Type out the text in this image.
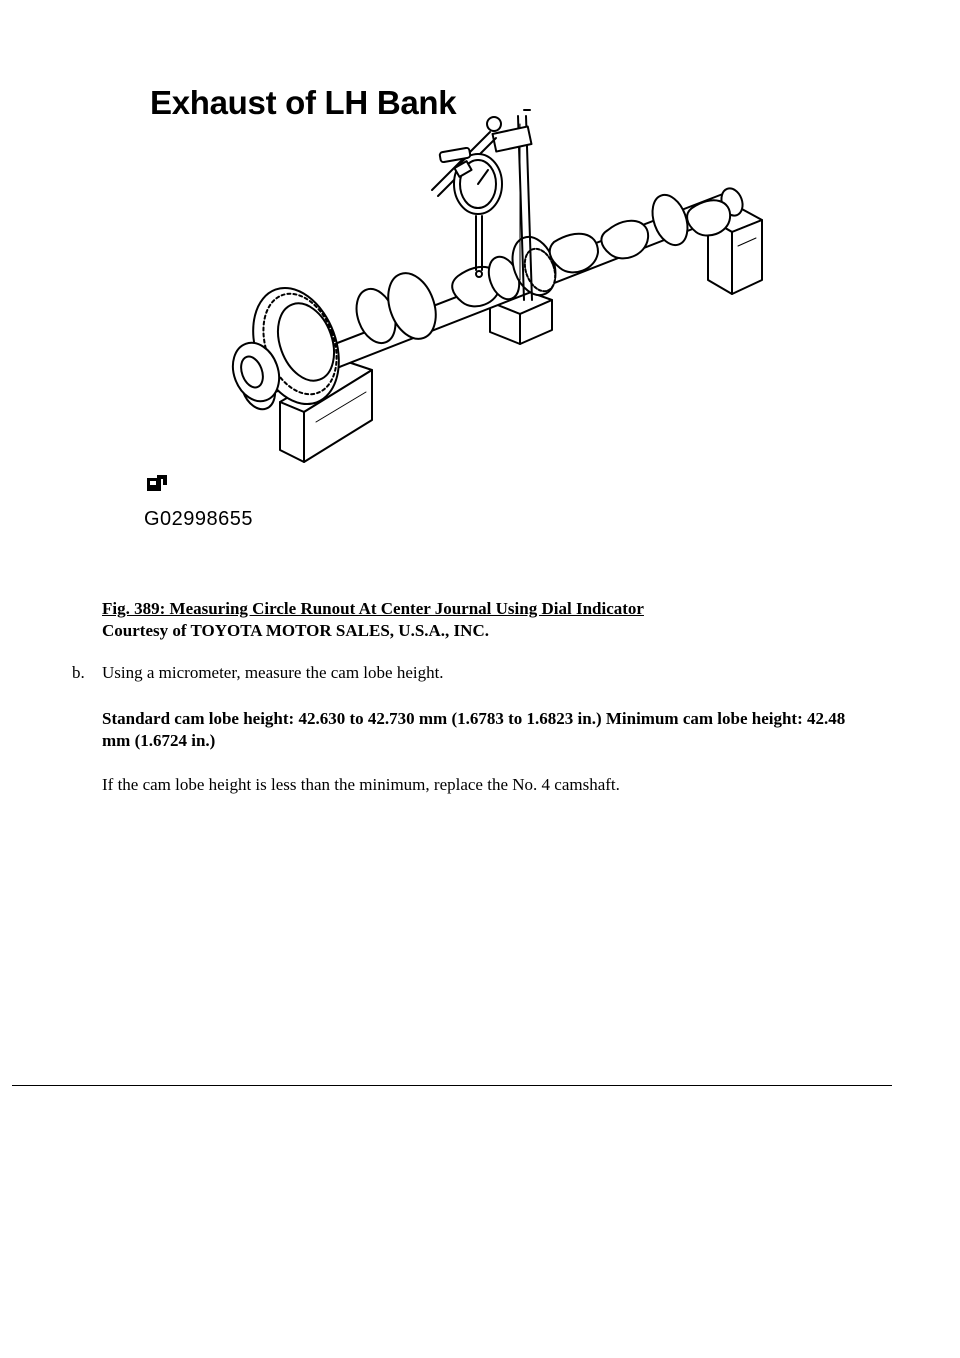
Exhaust of LH Bank
G02998655
Fig. 389: Measuring Circle Runout At Center Journal Using Dial Indicator
Courtesy of TOYOTA MOTOR SALES, U.S.A., INC.
b. Using a micrometer, measure the cam lobe height.
Standard cam lobe height: 42.630 to 42.730 mm (1.6783 to 1.6823 in.) Minimum cam lobe height: 42.48 mm (1.6724 in.)
If the cam lobe height is less than the minimum, replace the No. 4 camshaft.
